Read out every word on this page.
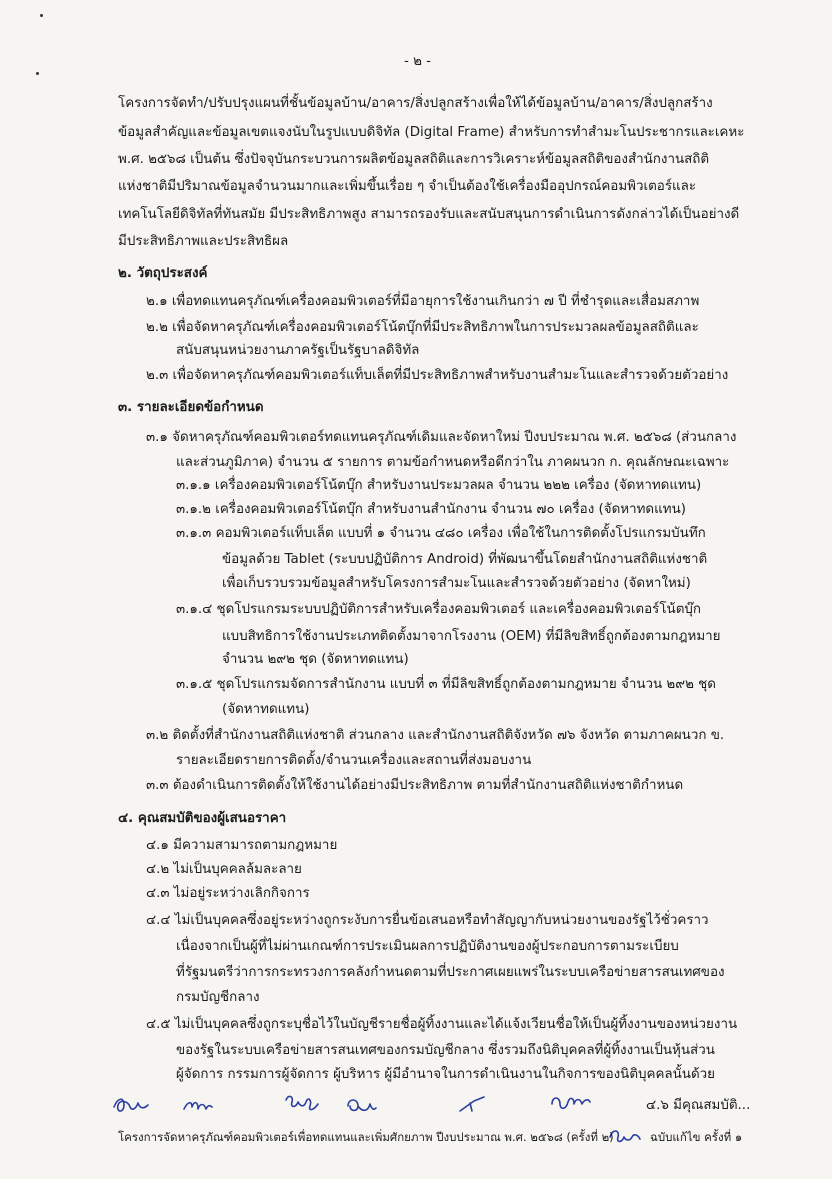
- ๒ -
โครงการจัดทำ/ปรับปรุงแผนที่ชั้นข้อมูลบ้าน/อาคาร/สิ่งปลูกสร้างเพื่อให้ได้ข้อมูลบ้าน/อาคาร/สิ่งปลูกสร้าง
ข้อมูลสำคัญและข้อมูลเขตแจงนับในรูปแบบดิจิทัล (Digital Frame) สำหรับการทำสำมะโนประชากรและเคหะ
พ.ศ. ๒๕๖๘ เป็นต้น ซึ่งปัจจุบันกระบวนการผลิตข้อมูลสถิติและการวิเคราะห์ข้อมูลสถิติของสำนักงานสถิติ
แห่งชาติมีปริมาณข้อมูลจำนวนมากและเพิ่มขึ้นเรื่อย ๆ จำเป็นต้องใช้เครื่องมืออุปกรณ์คอมพิวเตอร์และ
เทคโนโลยีดิจิทัลที่ทันสมัย มีประสิทธิภาพสูง สามารถรองรับและสนับสนุนการดำเนินการดังกล่าวได้เป็นอย่างดี
มีประสิทธิภาพและประสิทธิผล
๒. วัตถุประสงค์
๒.๑ เพื่อทดแทนครุภัณฑ์เครื่องคอมพิวเตอร์ที่มีอายุการใช้งานเกินกว่า ๗ ปี ที่ชำรุดและเสื่อมสภาพ
๒.๒ เพื่อจัดหาครุภัณฑ์เครื่องคอมพิวเตอร์โน้ตบุ๊กที่มีประสิทธิภาพในการประมวลผลข้อมูลสถิติและ
สนับสนุนหน่วยงานภาครัฐเป็นรัฐบาลดิจิทัล
๒.๓ เพื่อจัดหาครุภัณฑ์คอมพิวเตอร์แท็บเล็ตที่มีประสิทธิภาพสำหรับงานสำมะโนและสำรวจด้วยตัวอย่าง
๓. รายละเอียดข้อกำหนด
๓.๑ จัดหาครุภัณฑ์คอมพิวเตอร์ทดแทนครุภัณฑ์เดิมและจัดหาใหม่ ปีงบประมาณ พ.ศ. ๒๕๖๘ (ส่วนกลาง
และส่วนภูมิภาค) จำนวน ๕ รายการ ตามข้อกำหนดหรือดีกว่าใน ภาคผนวก ก. คุณลักษณะเฉพาะ
๓.๑.๑ เครื่องคอมพิวเตอร์โน้ตบุ๊ก สำหรับงานประมวลผล จำนวน ๒๒๒ เครื่อง (จัดหาทดแทน)
๓.๑.๒ เครื่องคอมพิวเตอร์โน้ตบุ๊ก สำหรับงานสำนักงาน จำนวน ๗๐ เครื่อง (จัดหาทดแทน)
๓.๑.๓ คอมพิวเตอร์แท็บเล็ต แบบที่ ๑ จำนวน ๔๘๐ เครื่อง เพื่อใช้ในการติดตั้งโปรแกรมบันทึก
ข้อมูลด้วย Tablet (ระบบปฏิบัติการ Android) ที่พัฒนาขึ้นโดยสำนักงานสถิติแห่งชาติ
เพื่อเก็บรวบรวมข้อมูลสำหรับโครงการสำมะโนและสำรวจด้วยตัวอย่าง (จัดหาใหม่)
๓.๑.๔ ชุดโปรแกรมระบบปฏิบัติการสำหรับเครื่องคอมพิวเตอร์ และเครื่องคอมพิวเตอร์โน้ตบุ๊ก
แบบสิทธิการใช้งานประเภทติดตั้งมาจากโรงงาน (OEM) ที่มีลิขสิทธิ์ถูกต้องตามกฎหมาย
จำนวน ๒๙๒ ชุด (จัดหาทดแทน)
๓.๑.๕ ชุดโปรแกรมจัดการสำนักงาน แบบที่ ๓ ที่มีลิขสิทธิ์ถูกต้องตามกฎหมาย จำนวน ๒๙๒ ชุด
(จัดหาทดแทน)
๓.๒ ติดตั้งที่สำนักงานสถิติแห่งชาติ ส่วนกลาง และสำนักงานสถิติจังหวัด ๗๖ จังหวัด ตามภาคผนวก ข.
รายละเอียดรายการติดตั้ง/จำนวนเครื่องและสถานที่ส่งมอบงาน
๓.๓ ต้องดำเนินการติดตั้งให้ใช้งานได้อย่างมีประสิทธิภาพ ตามที่สำนักงานสถิติแห่งชาติกำหนด
๔. คุณสมบัติของผู้เสนอราคา
๔.๑ มีความสามารถตามกฎหมาย
๔.๒ ไม่เป็นบุคคลล้มละลาย
๔.๓ ไม่อยู่ระหว่างเลิกกิจการ
๔.๔ ไม่เป็นบุคคลซึ่งอยู่ระหว่างถูกระงับการยื่นข้อเสนอหรือทำสัญญากับหน่วยงานของรัฐไว้ชั่วคราว
เนื่องจากเป็นผู้ที่ไม่ผ่านเกณฑ์การประเมินผลการปฏิบัติงานของผู้ประกอบการตามระเบียบ
ที่รัฐมนตรีว่าการกระทรวงการคลังกำหนดตามที่ประกาศเผยแพร่ในระบบเครือข่ายสารสนเทศของ
กรมบัญชีกลาง
๔.๕ ไม่เป็นบุคคลซึ่งถูกระบุชื่อไว้ในบัญชีรายชื่อผู้ทิ้งงานและได้แจ้งเวียนชื่อให้เป็นผู้ทิ้งงานของหน่วยงาน
ของรัฐในระบบเครือข่ายสารสนเทศของกรมบัญชีกลาง ซึ่งรวมถึงนิติบุคคลที่ผู้ทิ้งงานเป็นหุ้นส่วน
ผู้จัดการ กรรมการผู้จัดการ ผู้บริหาร ผู้มีอำนาจในการดำเนินงานในกิจการของนิติบุคคลนั้นด้วย
๔.๖ มีคุณสมบัติ...
โครงการจัดหาครุภัณฑ์คอมพิวเตอร์เพื่อทดแทนและเพิ่มศักยภาพ ปีงบประมาณ พ.ศ. ๒๕๖๘ (ครั้งที่ ๒)	ฉบับแก้ไข ครั้งที่ ๑
